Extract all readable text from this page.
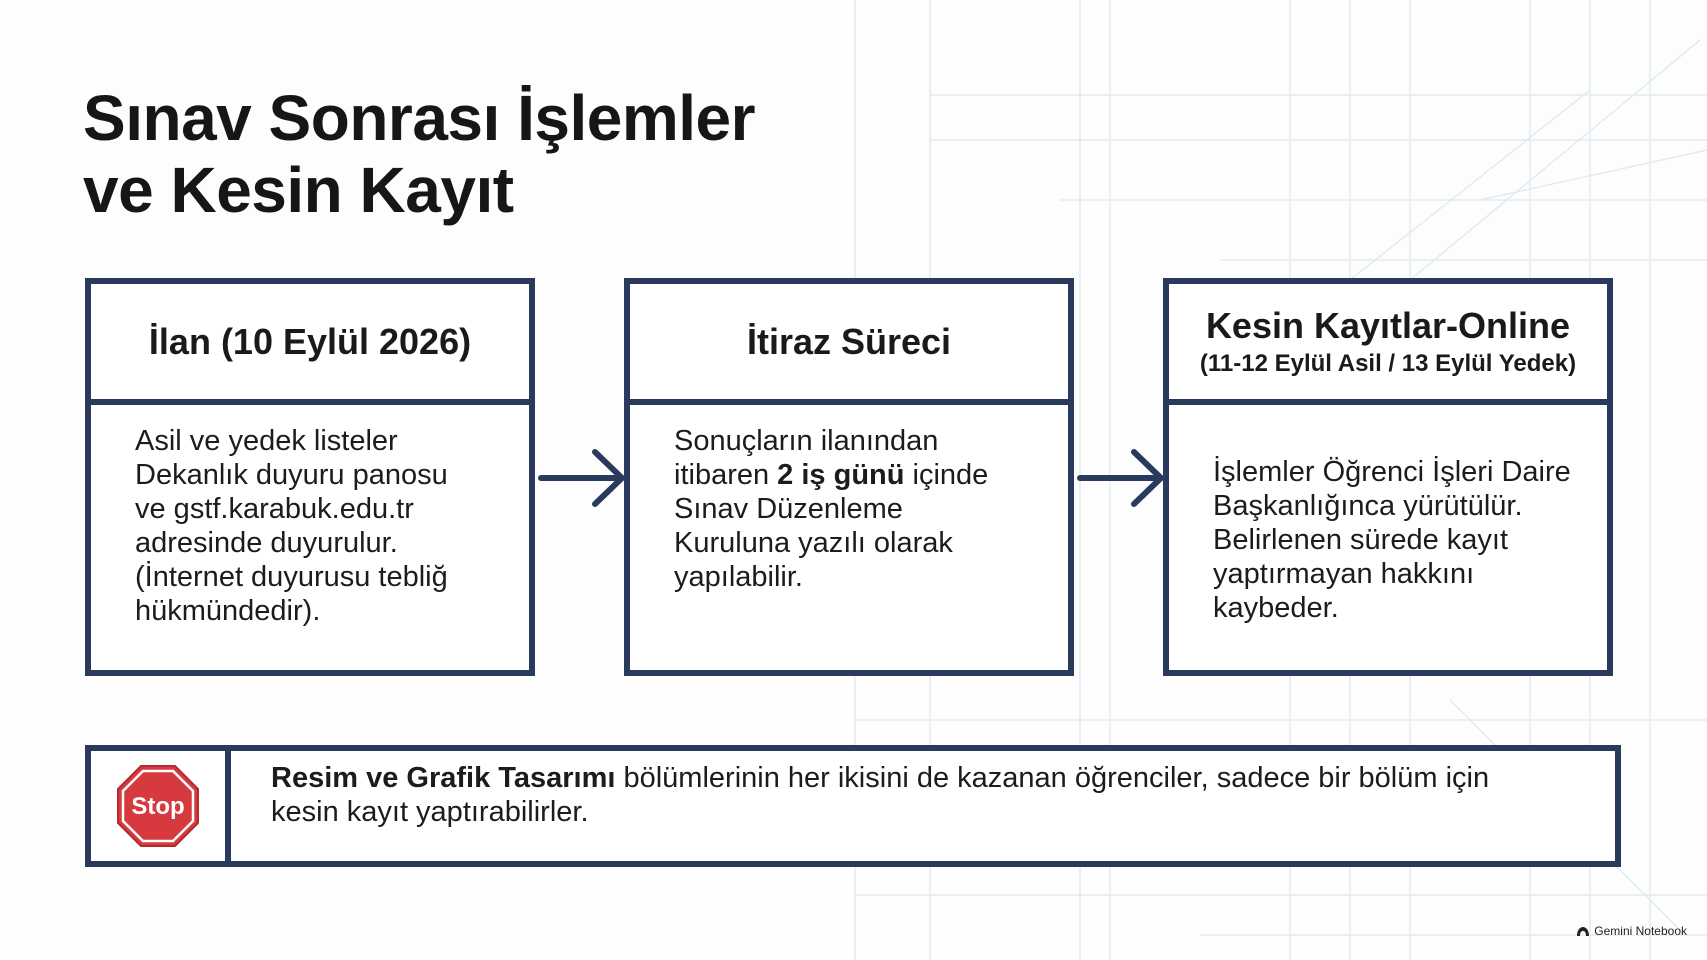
Sınav Sonrası İşlemler
ve Kesin Kayıt
İlan (10 Eylül 2026)
Asil ve yedek listeler
Dekanlık duyuru panosu
ve gstf.karabuk.edu.tr
adresinde duyurulur.
(İnternet duyurusu tebliğ
hükmündedir).
İtiraz Süreci
Sonuçların ilanından
itibaren 2 iş günü içinde
Sınav Düzenleme
Kuruluna yazılı olarak
yapılabilir.
Kesin Kayıtlar-Online
(11-12 Eylül Asil / 13 Eylül Yedek)
İşlemler Öğrenci İşleri Daire
Başkanlığınca yürütülür.
Belirlenen sürede kayıt
yaptırmayan hakkını
kaybeder.
Stop
Resim ve Grafik Tasarımı bölümlerinin her ikisini de kazanan öğrenciler, sadece bir bölüm için
kesin kayıt yaptırabilirler.
Gemini Notebook
